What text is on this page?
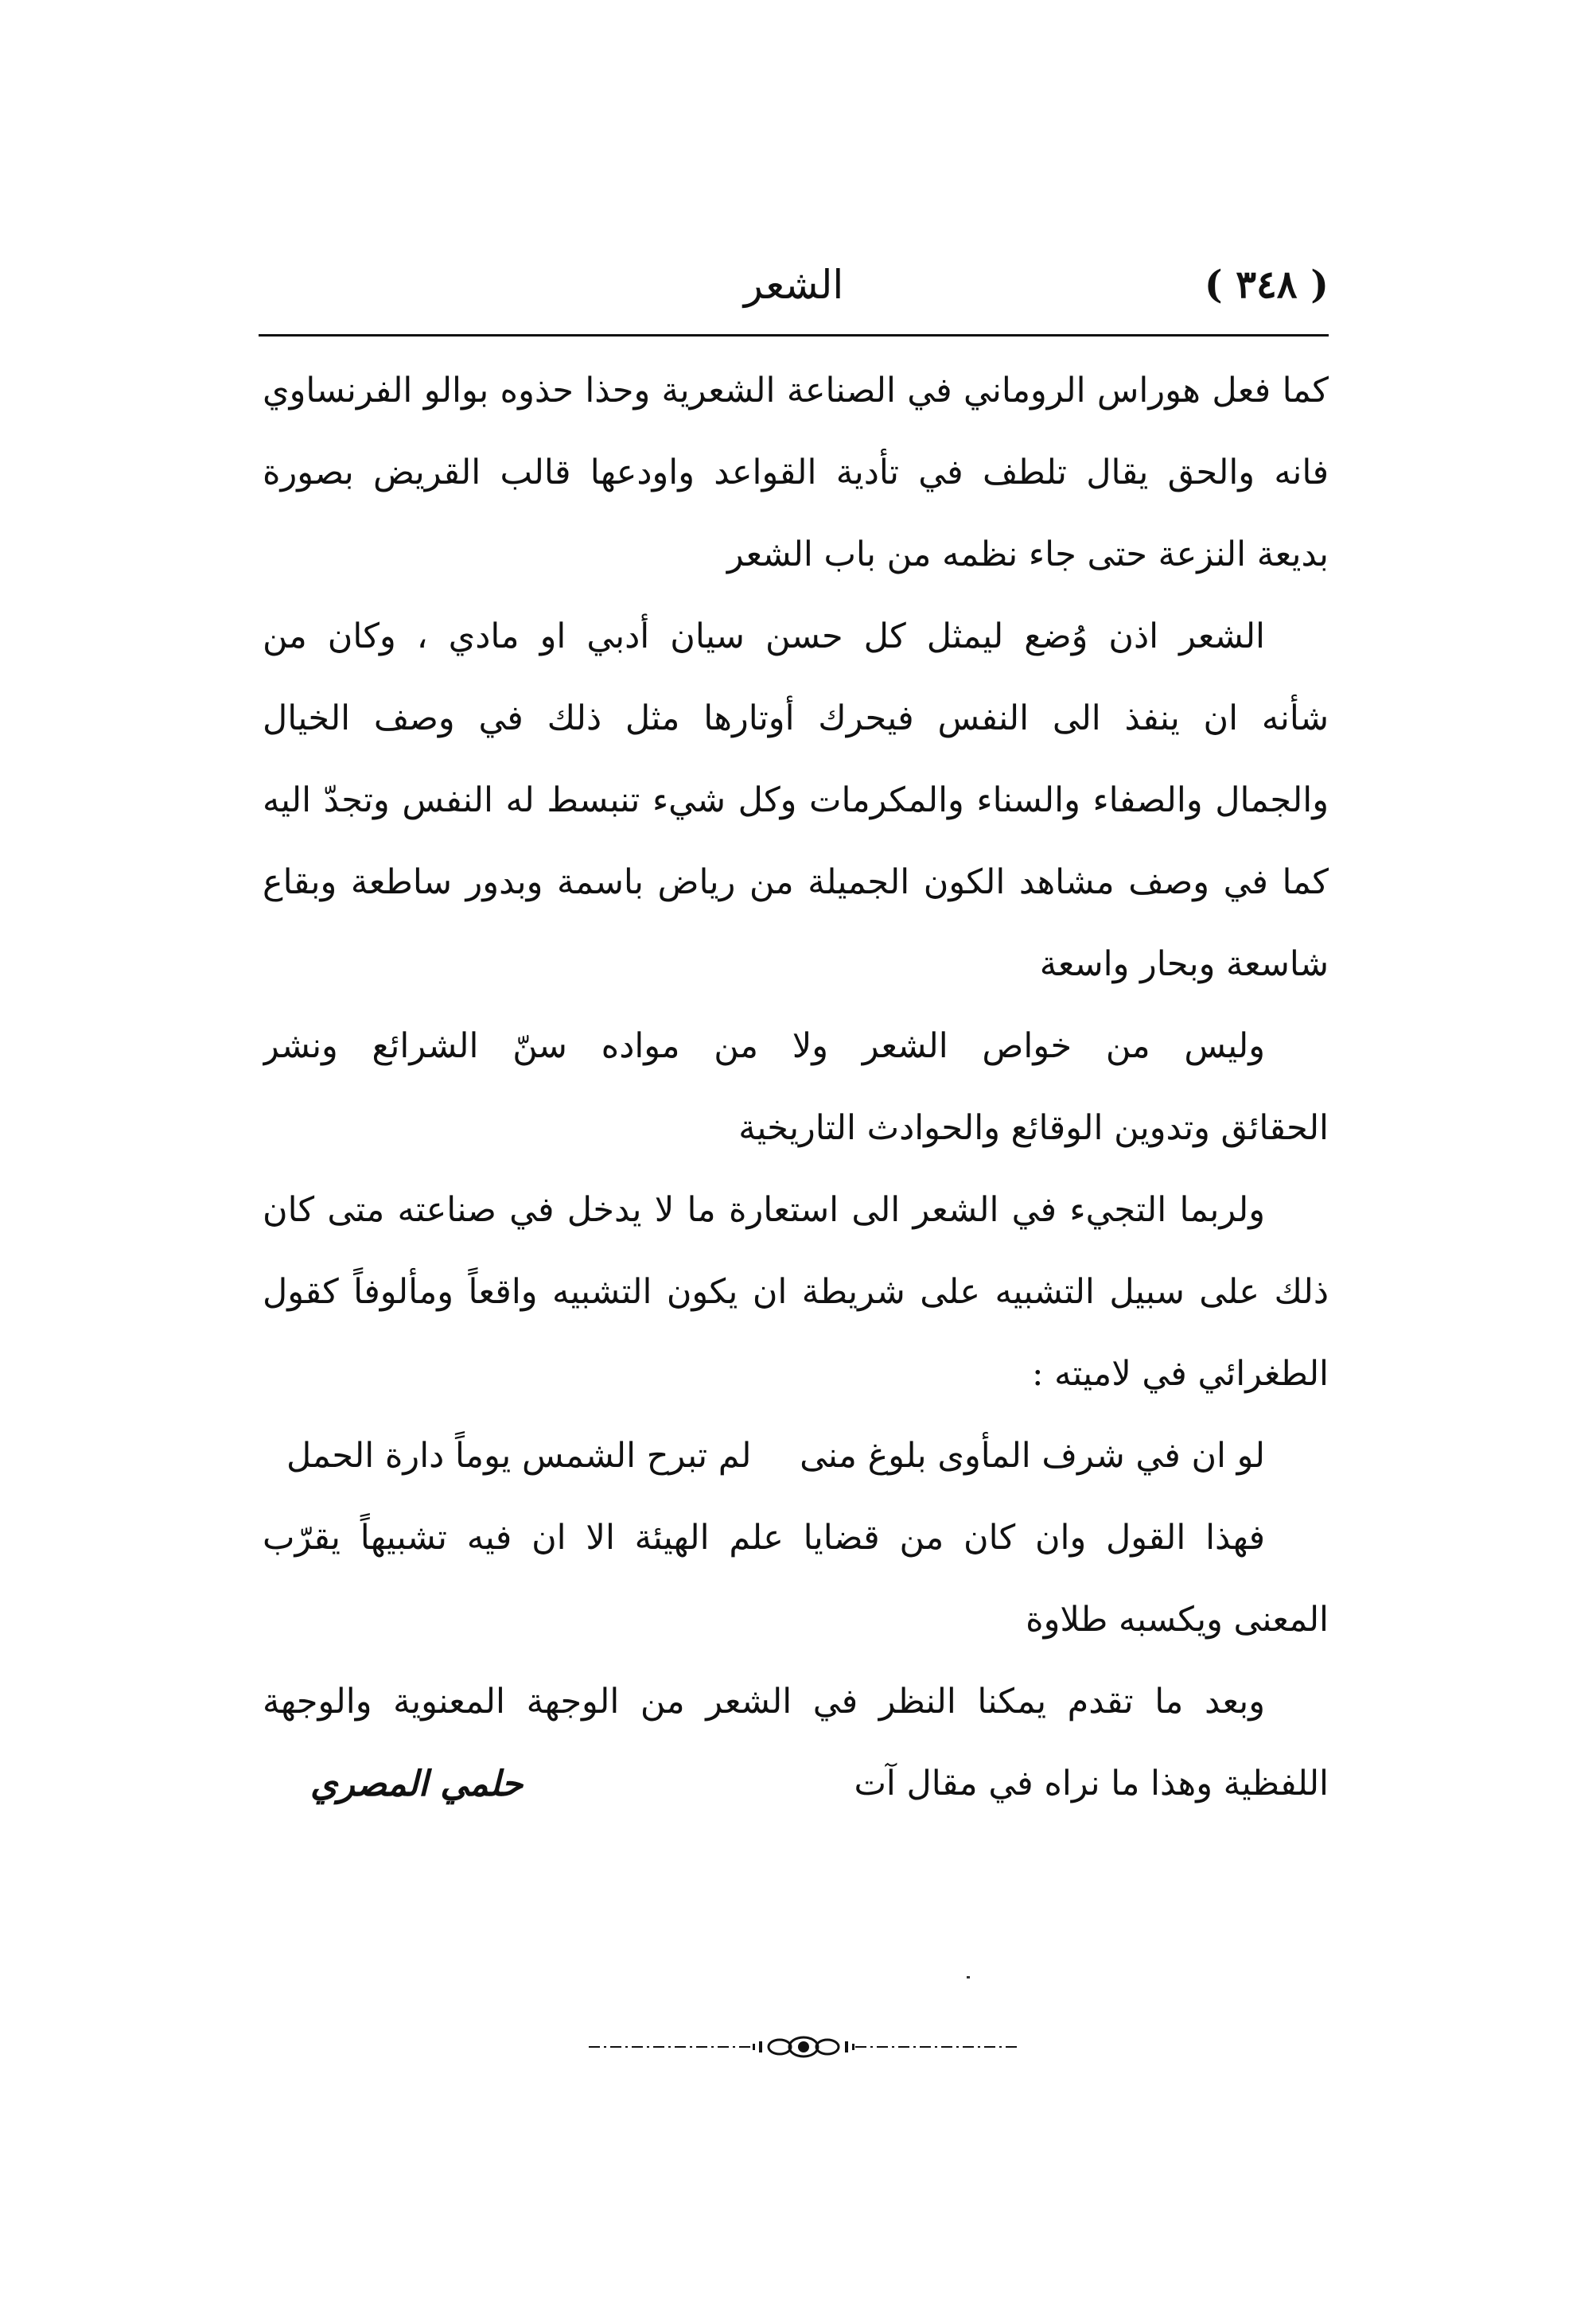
( ٣٤٨ )
الشعر
كما فعل هوراس الروماني في الصناعة الشعرية وحذا حذوه بوالو الفرنساوي
فانه والحق يقال تلطف في تأدية القواعد واودعها قالب القريض بصورة
بديعة النزعة حتى جاء نظمه من باب الشعر
الشعر اذن وُضع ليمثل كل حسن سيان أدبي او مادي ، وكان من
شأنه ان ينفذ الى النفس فيحرك أوتارها مثل ذلك في وصف الخيال
والجمال والصفاء والسناء والمكرمات وكل شيء تنبسط له النفس وتجدّ اليه
كما في وصف مشاهد الكون الجميلة من رياض باسمة وبدور ساطعة وبقاع
شاسعة وبحار واسعة
وليس من خواص الشعر ولا من مواده سنّ الشرائع ونشر
الحقائق وتدوين الوقائع والحوادث التاريخية
ولربما التجيء في الشعر الى استعارة ما لا يدخل في صناعته متى كان
ذلك على سبيل التشبيه على شريطة ان يكون التشبيه واقعاً ومألوفاً كقول
الطغرائي في لاميته :
لو ان في شرف المأوى بلوغ منى
لم تبرح الشمس يوماً دارة الحمل
فهذا القول وان كان من قضايا علم الهيئة الا ان فيه تشبيهاً يقرّب
المعنى ويكسبه طلاوة
وبعد ما تقدم يمكنا النظر في الشعر من الوجهة المعنوية والوجهة
اللفظية وهذا ما نراه في مقال آت
حلمي المصري
